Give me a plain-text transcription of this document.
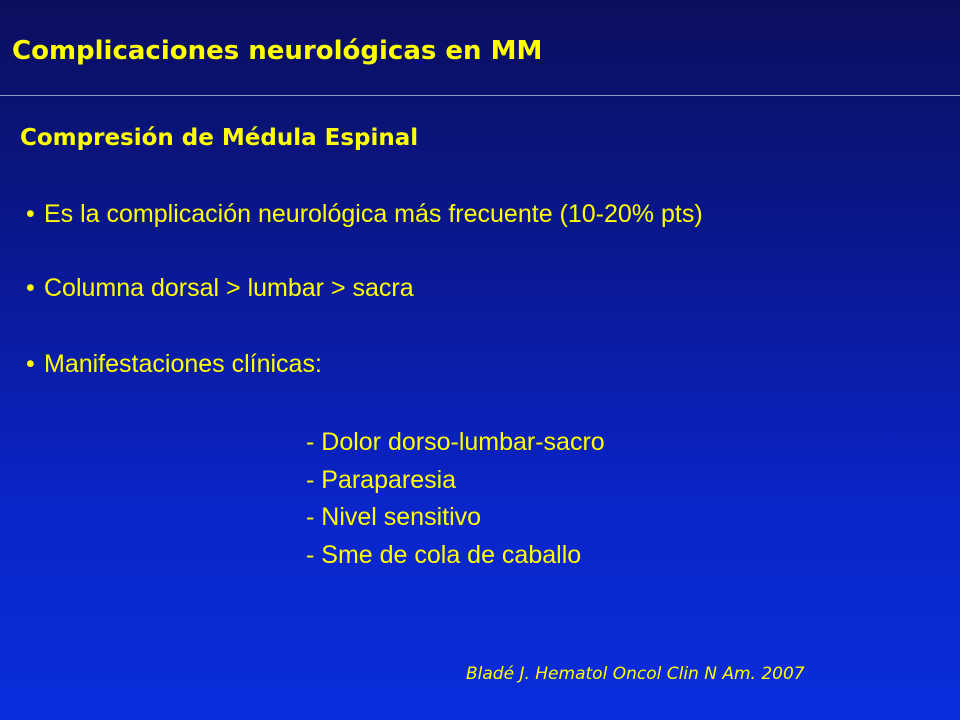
Complicaciones neurológicas en MM
Compresión de Médula Espinal

• Es la complicación neurológica más frecuente (10-20% pts)

• Columna dorsal > lumbar > sacra

• Manifestaciones clínicas:

- Dolor dorso-lumbar-sacro
- Paraparesia
- Nivel sensitivo
- Sme de cola de caballo

Bladé J. Hematol Oncol Clin N Am. 2007
